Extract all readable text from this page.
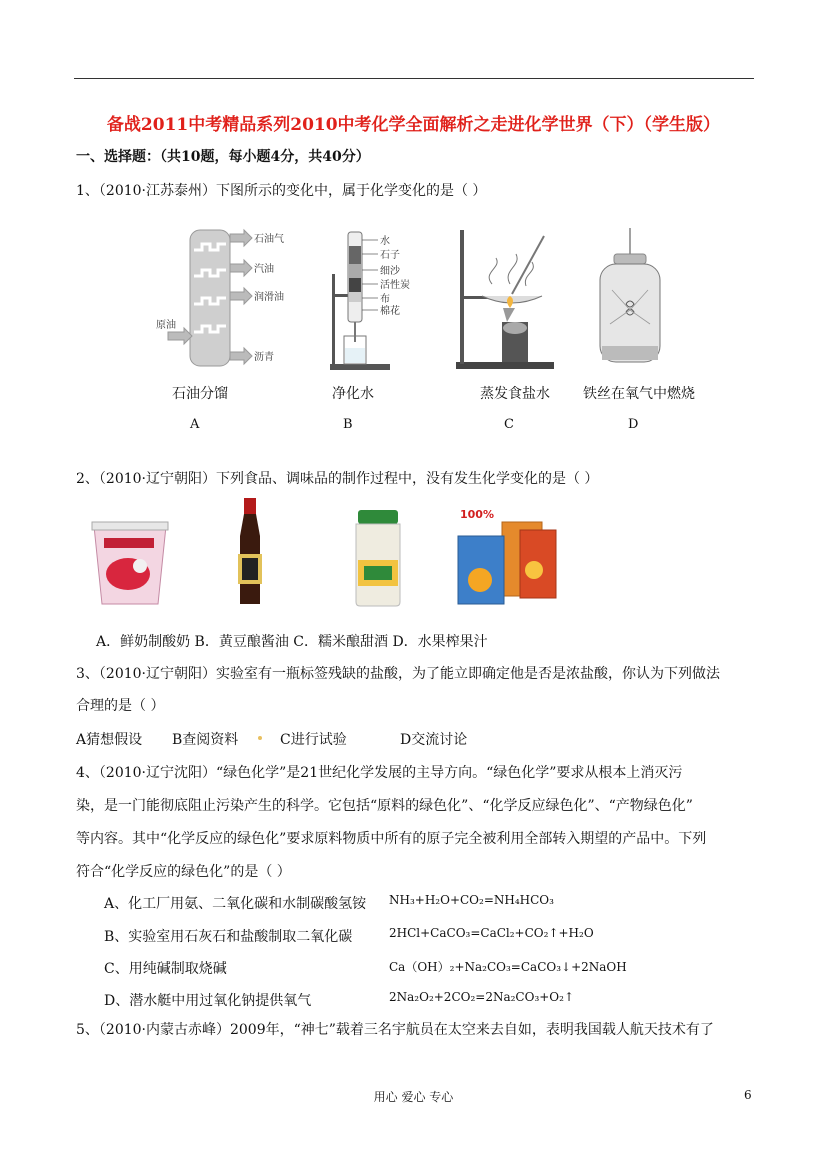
备战2011中考精品系列2010中考化学全面解析之走进化学世界（下）（学生版）
一、选择题：（共10题，每小题4分，共40分）
1、（2010·江苏泰州）下图所示的变化中，属于化学变化的是（ ）
石油气
汽油
润滑油
原油
沥青
水
石子
细沙
活性炭
布
棉花
石油分馏	净化水	蒸发食盐水 铁丝在氧气中燃烧
A	B	C	D
2、（2010·辽宁朝阳）下列食品、调味品的制作过程中，没有发生化学变化的是（ ）
100%
A．鲜奶制酸奶 B．黄豆酿酱油 C．糯米酿甜酒 D．水果榨果汁
3、（2010·辽宁朝阳）实验室有一瓶标签残缺的盐酸，为了能立即确定他是否是浓盐酸，你认为下列做法
合理的是（ ）
A猜想假设 B查阅资料	C进行试验	D交流讨论
4、（2010·辽宁沈阳）“绿色化学”是21世纪化学发展的主导方向。“绿色化学”要求从根本上消灭污
染，是一门能彻底阻止污染产生的科学。它包括“原料的绿色化”、“化学反应绿色化”、“产物绿色化”
等内容。其中“化学反应的绿色化”要求原料物质中所有的原子完全被利用全部转入期望的产品中。下列
符合“化学反应的绿色化”的是（ ）
A、化工厂用氨、二氧化碳和水制碳酸氢铵 NH₃+H₂O+CO₂=NH₄HCO₃
B、实验室用石灰石和盐酸制取二氧化碳	2HCl+CaCO₃=CaCl₂+CO₂↑+H₂O
C、用纯碱制取烧碱	Ca（OH）₂+Na₂CO₃=CaCO₃↓+2NaOH
D、潜水艇中用过氧化钠提供氧气	2Na₂O₂+2CO₂=2Na₂CO₃+O₂↑
5、（2010·内蒙古赤峰）2009年，“神七”载着三名宇航员在太空来去自如，表明我国载人航天技术有了
用心 爱心 专心	6
